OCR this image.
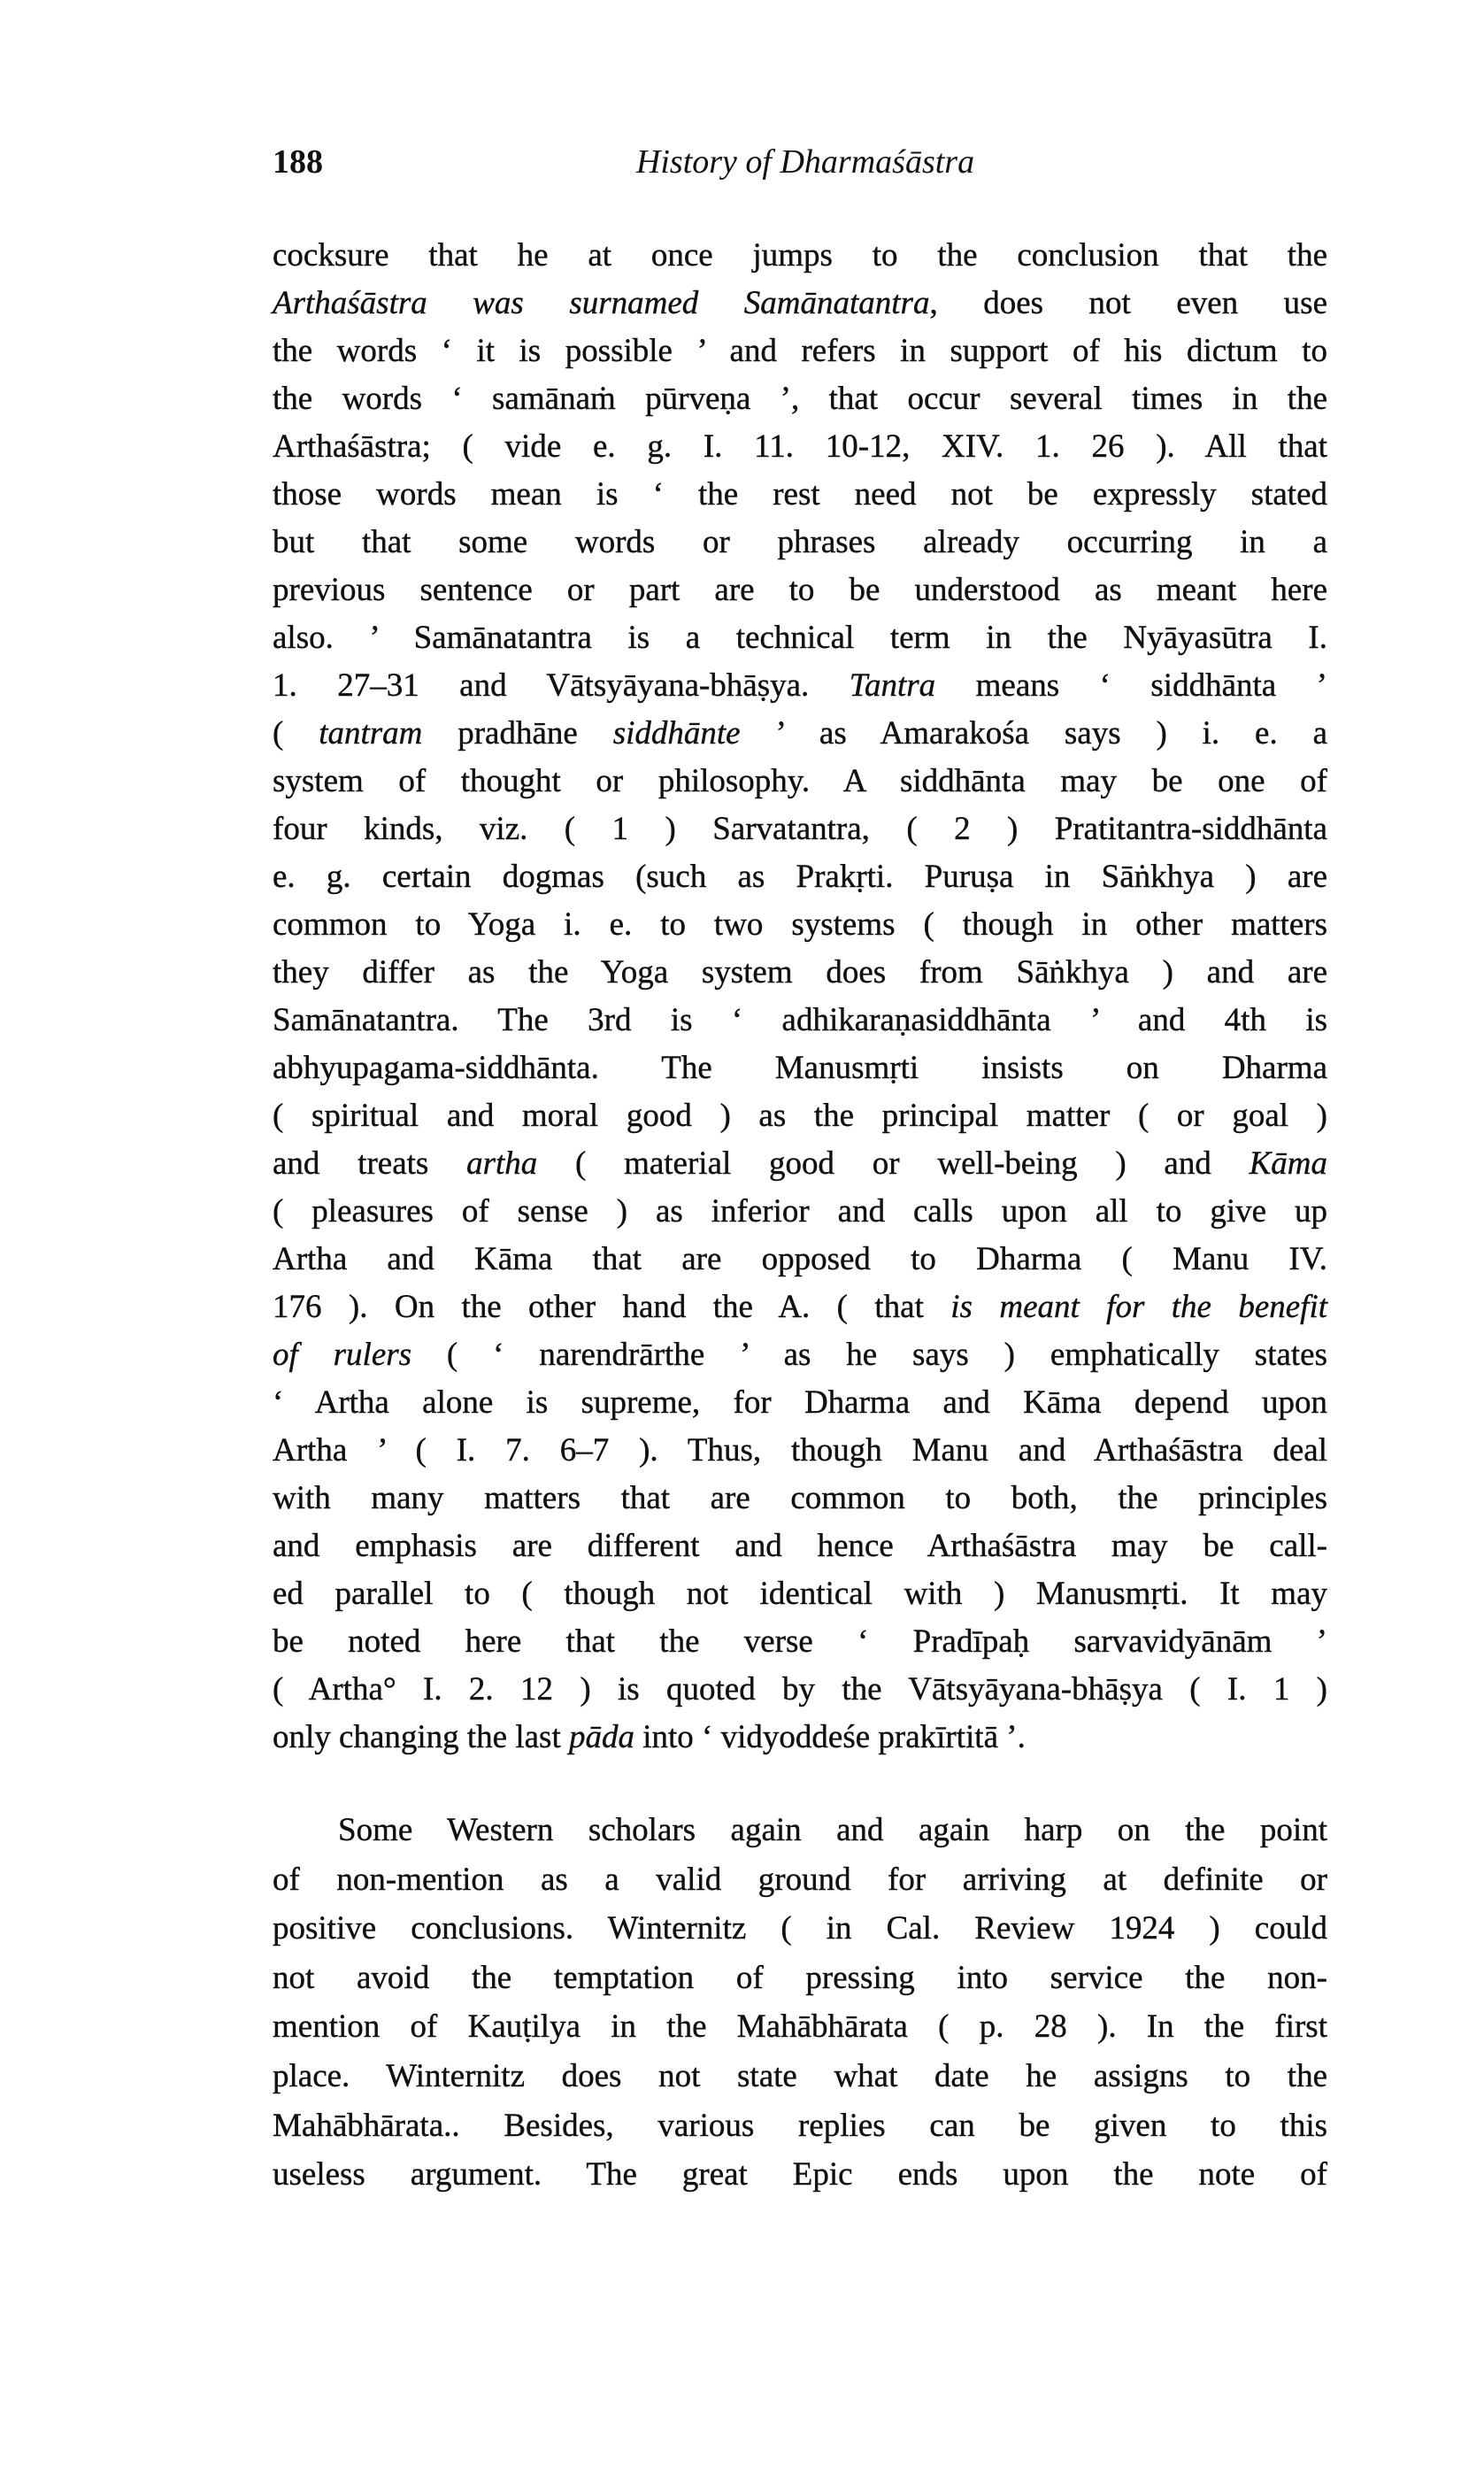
188	History of Dharmaśāstra
cocksure that he at once jumps to the conclusion that the
Arthaśāstra was surnamed Samānatantra, does not even use
the words ‘ it is possible ’ and refers in support of his dictum to
the words ‘ samānaṁ pūrveṇa ’, that occur several times in the
Arthaśāstra; ( vide e. g. I. 11. 10-12, XIV. 1. 26 ). All that
those words mean is ‘ the rest need not be expressly stated
but that some words or phrases already occurring in a
previous sentence or part are to be understood as meant here
also. ’ Samānatantra is a technical term in the Nyāyasūtra I.
1. 27–31 and Vātsyāyana-bhāṣya. Tantra means ‘ siddhānta ’
( tantram pradhāne siddhānte ’ as Amarakośa says ) i. e. a
system of thought or philosophy. A siddhānta may be one of
four kinds, viz. ( 1 ) Sarvatantra, ( 2 ) Pratitantra-siddhānta
e. g. certain dogmas (such as Prakṛti. Puruṣa in Sāṅkhya ) are
common to Yoga i. e. to two systems ( though in other matters
they differ as the Yoga system does from Sāṅkhya ) and are
Samānatantra. The 3rd is ‘ adhikaraṇasiddhānta ’ and 4th is
abhyupagama-siddhānta. The Manusmṛti insists on Dharma
( spiritual and moral good ) as the principal matter ( or goal )
and treats artha ( material good or well-being ) and Kāma
( pleasures of sense ) as inferior and calls upon all to give up
Artha and Kāma that are opposed to Dharma ( Manu IV.
176 ). On the other hand the A. ( that is meant for the benefit
of rulers ( ‘ narendrārthe ’ as he says ) emphatically states
‘ Artha alone is supreme, for Dharma and Kāma depend upon
Artha ’ ( I. 7. 6–7 ). Thus, though Manu and Arthaśāstra deal
with many matters that are common to both, the principles
and emphasis are different and hence Arthaśāstra may be call-
ed parallel to ( though not identical with ) Manusmṛti. It may
be noted here that the verse ‘ Pradīpaḥ sarvavidyānām ’
( Artha° I. 2. 12 ) is quoted by the Vātsyāyana-bhāṣya ( I. 1 )
only changing the last pāda into ‘ vidyoddeśe prakīrtitā ’.
Some Western scholars again and again harp on the point
of non-mention as a valid ground for arriving at definite or
positive conclusions. Winternitz ( in Cal. Review 1924 ) could
not avoid the temptation of pressing into service the non-
mention of Kauṭilya in the Mahābhārata ( p. 28 ). In the first
place. Winternitz does not state what date he assigns to the
Mahābhārata.. Besides, various replies can be given to this
useless argument. The great Epic ends upon the note of
